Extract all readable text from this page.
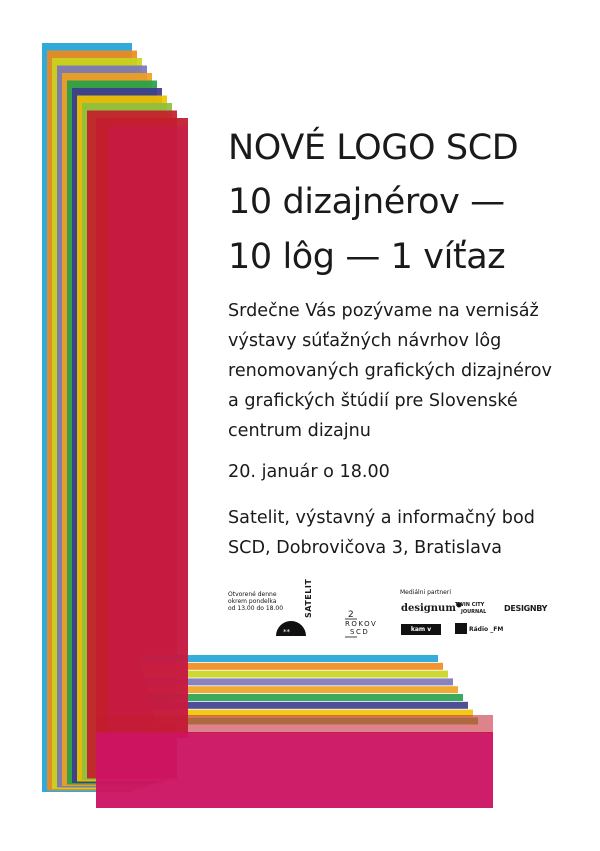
**
NOVÉ LOGO SCD
10 dizajnérov —
10 lôg — 1 víťaz
Srdečne Vás pozývame na vernisáž
výstavy súťažných návrhov lôg
renomovaných grafických dizajnérov
a grafických štúdií pre Slovenské
centrum dizajnu
20. január o 18.00
Satelit, výstavný a informačný bod
SCD, Dobrovičova 3, Bratislava
Otvorené denne
okrem pondelka
od 13.00 do 18.00	SATELIT	2
ROKOV
SCD
Mediálni partneri
designum TWIN CITY
JOURNAL DESIGNBY
kam v mesta
Rádio _FM
